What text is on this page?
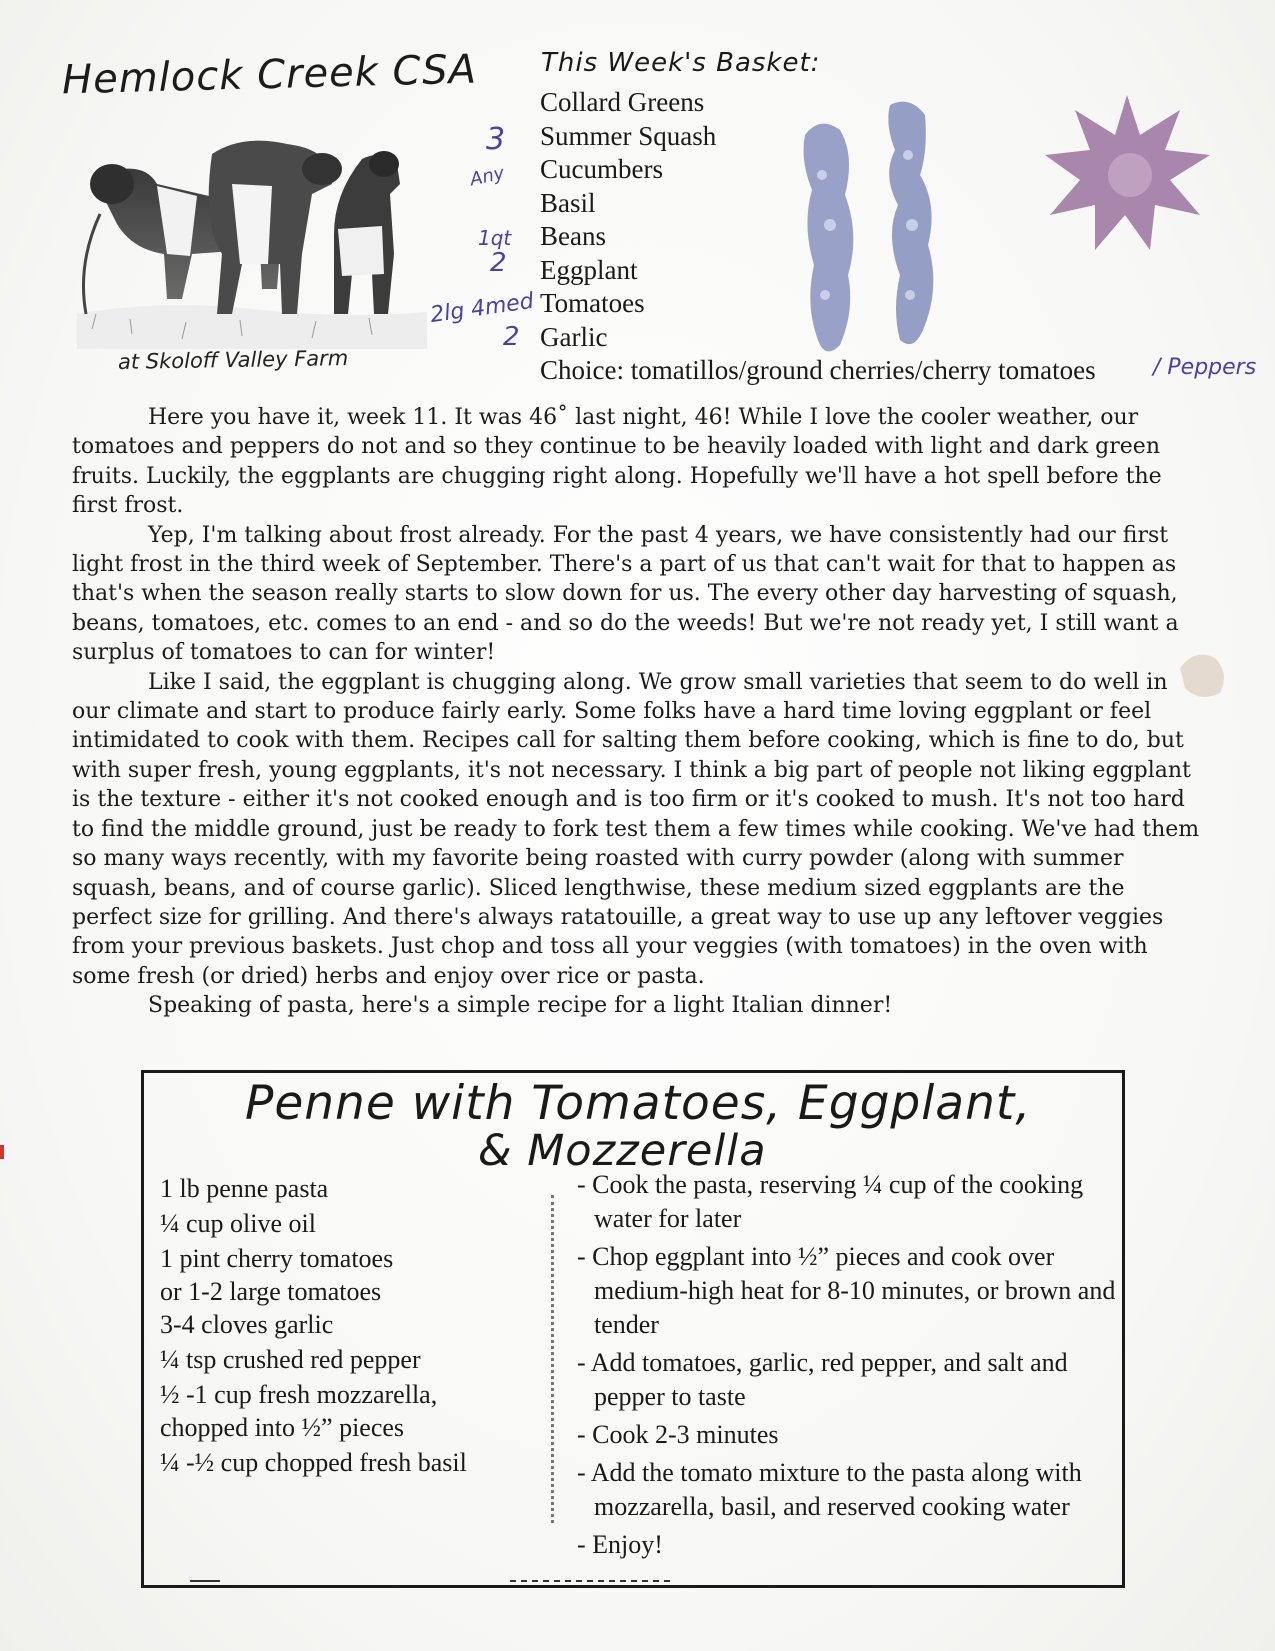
Hemlock Creek CSA
at Skoloff Valley Farm
This Week's Basket:
Collard Greens
Summer Squash
Cucumbers
Basil
Beans
Eggplant
Tomatoes
Garlic
Choice: tomatillos/ground cherries/cherry tomatoes
3
Any
1qt
2
2lg 4med
2
/ Peppers

Here you have it, week 11. It was 46˚ last night, 46! While I love the cooler weather, our tomatoes and peppers do not and so they continue to be heavily loaded with light and dark green fruits. Luckily, the eggplants are chugging right along. Hopefully we'll have a hot spell before the first frost.

Yep, I'm talking about frost already. For the past 4 years, we have consistently had our first light frost in the third week of September. There's a part of us that can't wait for that to happen as that's when the season really starts to slow down for us. The every other day harvesting of squash, beans, tomatoes, etc. comes to an end - and so do the weeds! But we're not ready yet, I still want a surplus of tomatoes to can for winter!

Like I said, the eggplant is chugging along. We grow small varieties that seem to do well in our climate and start to produce fairly early. Some folks have a hard time loving eggplant or feel intimidated to cook with them. Recipes call for salting them before cooking, which is fine to do, but with super fresh, young eggplants, it's not necessary. I think a big part of people not liking eggplant is the texture - either it's not cooked enough and is too firm or it's cooked to mush. It's not too hard to find the middle ground, just be ready to fork test them a few times while cooking. We've had them so many ways recently, with my favorite being roasted with curry powder (along with summer squash, beans, and of course garlic). Sliced lengthwise, these medium sized eggplants are the perfect size for grilling. And there's always ratatouille, a great way to use up any leftover veggies from your previous baskets. Just chop and toss all your veggies (with tomatoes) in the oven with some fresh (or dried) herbs and enjoy over rice or pasta.

Speaking of pasta, here's a simple recipe for a light Italian dinner!

Penne with Tomatoes, Eggplant,
& Mozzerella
1 lb penne pasta
¼ cup olive oil
1 pint cherry tomatoes
or 1-2 large tomatoes
3-4 cloves garlic
¼ tsp crushed red pepper
½ -1 cup fresh mozzarella,
chopped into ½” pieces
¼ -½ cup chopped fresh basil
- Cook the pasta, reserving ¼ cup of the cooking water for later
- Chop eggplant into ½” pieces and cook over medium-high heat for 8-10 minutes, or brown and tender
- Add tomatoes, garlic, red pepper, and salt and pepper to taste
- Cook 2-3 minutes
- Add the tomato mixture to the pasta along with mozzarella, basil, and reserved cooking water
- Enjoy!
